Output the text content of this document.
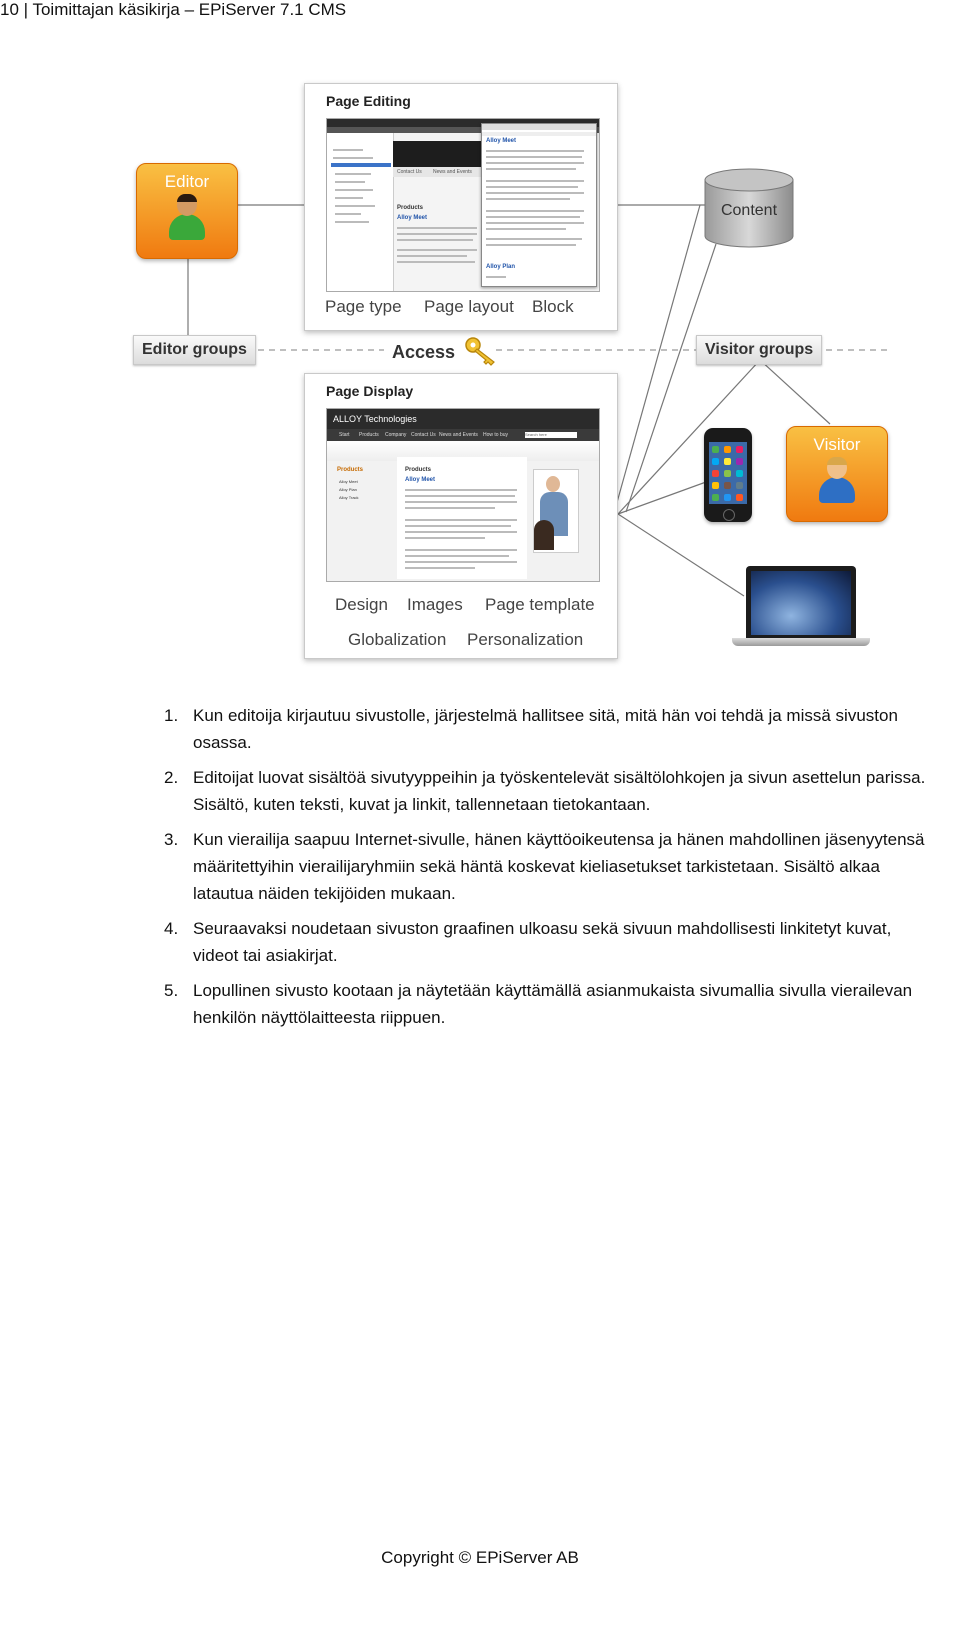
10 | Toimittajan käsikirja – EPiServer 7.1 CMS
Page Editing
Contact Us News and Events
Products
Alloy Meet
Alloy Meet
Alloy Plan
Page type Page layout Block
Page Display
ALLOY Technologies
Start Products Company Contact Us News and Events How to buy	Search here
Products
Alloy Meet
Alloy Plan
Alloy Track
Products
Alloy Meet
Design Images Page template
Globalization Personalization
Editor
Visitor
Content
Editor groups	Visitor groups
Access
1. Kun editoija kirjautuu sivustolle, järjestelmä hallitsee sitä, mitä hän voi tehdä ja missä sivuston osassa.
2. Editoijat luovat sisältöä sivutyyppeihin ja työskentelevät sisältölohkojen ja sivun asettelun parissa. Sisältö, kuten teksti, kuvat ja linkit, tallennetaan tietokantaan.
3. Kun vierailija saapuu Internet-sivulle, hänen käyttöoikeutensa ja hänen mahdollinen jäsenyytensä määritettyihin vierailijaryhmiin sekä häntä koskevat kieliasetukset tarkistetaan. Sisältö alkaa latautua näiden tekijöiden mukaan.
4. Seuraavaksi noudetaan sivuston graafinen ulkoasu sekä sivuun mahdollisesti linkitetyt kuvat, videot tai asiakirjat.
5. Lopullinen sivusto kootaan ja näytetään käyttämällä asianmukaista sivumallia sivulla vierailevan henkilön näyttölaitteesta riippuen.
Copyright © EPiServer AB
